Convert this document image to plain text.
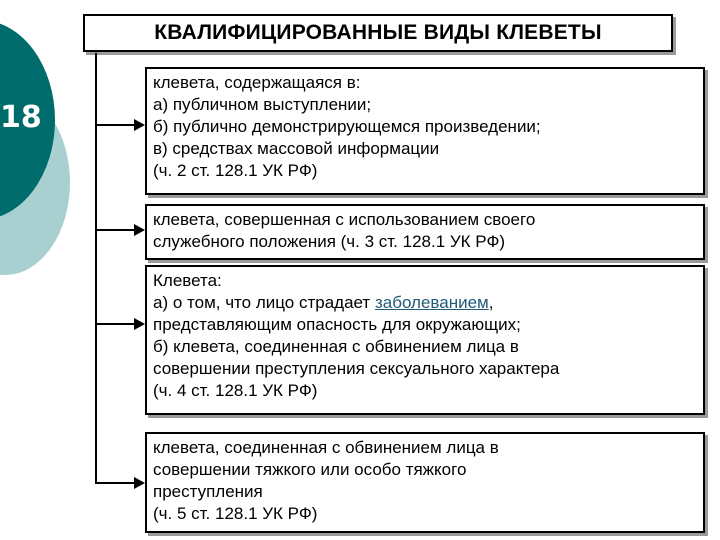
18
КВАЛИФИЦИРОВАННЫЕ ВИДЫ КЛЕВЕТЫ
клевета, содержащаяся в:
а) публичном выступлении;
б) публично демонстрирующемся произведении;
в) средствах массовой информации
(ч. 2 ст. 128.1 УК РФ)
клевета, совершенная с использованием своего
служебного положения (ч. 3 ст. 128.1 УК РФ)
Клевета:
а) о том, что лицо страдает заболеванием,
представляющим опасность для окружающих;
б) клевета, соединенная с обвинением лица в
совершении преступления сексуального характера
(ч. 4 ст. 128.1 УК РФ)
клевета, соединенная с обвинением лица в
совершении тяжкого или особо тяжкого
преступления
(ч. 5 ст. 128.1 УК РФ)
